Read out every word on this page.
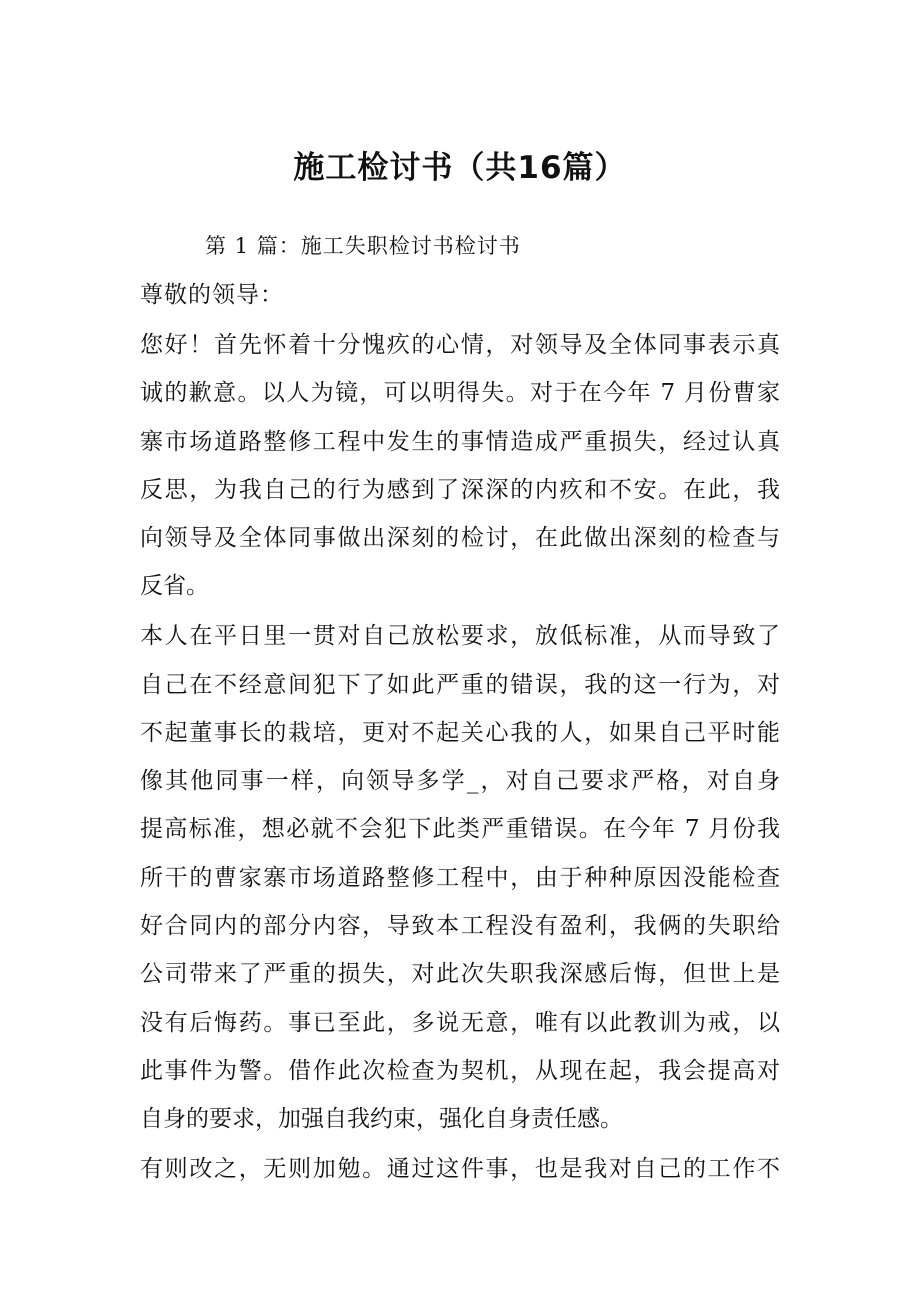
施工检讨书（共16篇）

第 1 篇：施工失职检讨书检讨书

尊敬的领导：

您好！首先怀着十分愧疚的心情，对领导及全体同事表示真
诚的歉意。以人为镜，可以明得失。对于在今年 7 月份曹家
寨市场道路整修工程中发生的事情造成严重损失，经过认真
反思，为我自己的行为感到了深深的内疚和不安。在此，我
向领导及全体同事做出深刻的检讨，在此做出深刻的检查与
反省。
本人在平日里一贯对自己放松要求，放低标准，从而导致了
自己在不经意间犯下了如此严重的错误，我的这一行为，对
不起董事长的栽培，更对不起关心我的人，如果自己平时能
像其他同事一样，向领导多学_，对自己要求严格，对自身
提高标准，想必就不会犯下此类严重错误。在今年 7 月份我
所干的曹家寨市场道路整修工程中，由于种种原因没能检查
好合同内的部分内容，导致本工程没有盈利，我俩的失职给
公司带来了严重的损失，对此次失职我深感后悔，但世上是
没有后悔药。事已至此，多说无意，唯有以此教训为戒，以
此事件为警。借作此次检查为契机，从现在起，我会提高对
自身的要求，加强自我约束，强化自身责任感。
有则改之，无则加勉。通过这件事，也是我对自己的工作不
